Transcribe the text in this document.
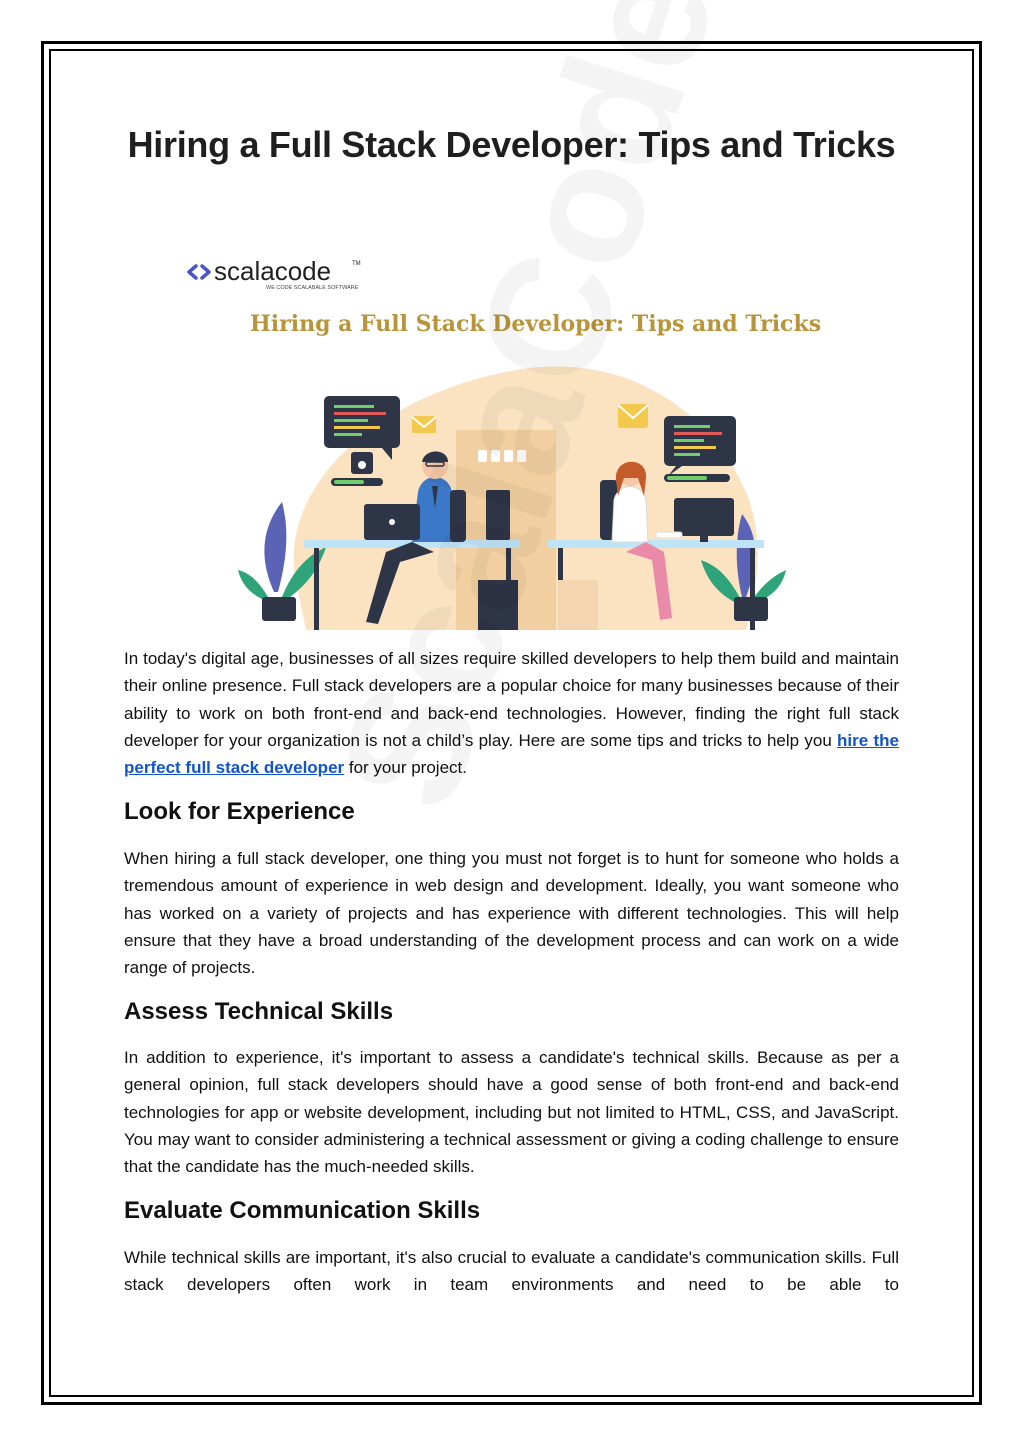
Hiring a Full Stack Developer: Tips and Tricks
scalacode	TM
WE CODE SCALABALE SOFTWARE
Hiring a Full Stack Developer: Tips and Tricks

In today's digital age, businesses of all sizes require skilled developers to help them build and maintain their online presence. Full stack developers are a popular choice for many businesses because of their ability to work on both front-end and back-end technologies. However, finding the right full stack developer for your organization is not a child’s play. Here are some tips and tricks to help you hire the perfect full stack developer for your project.

Look for Experience

When hiring a full stack developer, one thing you must not forget is to hunt for someone who holds a tremendous amount of experience in web design and development. Ideally, you want someone who has worked on a variety of projects and has experience with different technologies. This will help ensure that they have a broad understanding of the development process and can work on a wide range of projects.

Assess Technical Skills

In addition to experience, it's important to assess a candidate's technical skills. Because as per a general opinion, full stack developers should have a good sense of both front-end and back-end technologies for app or website development, including but not limited to HTML, CSS, and JavaScript. You may want to consider administering a technical assessment or giving a coding challenge to ensure that the candidate has the much-needed skills.

Evaluate Communication Skills

While technical skills are important, it's also crucial to evaluate a candidate's communication skills. Full stack developers often work in team environments and need to be able to
